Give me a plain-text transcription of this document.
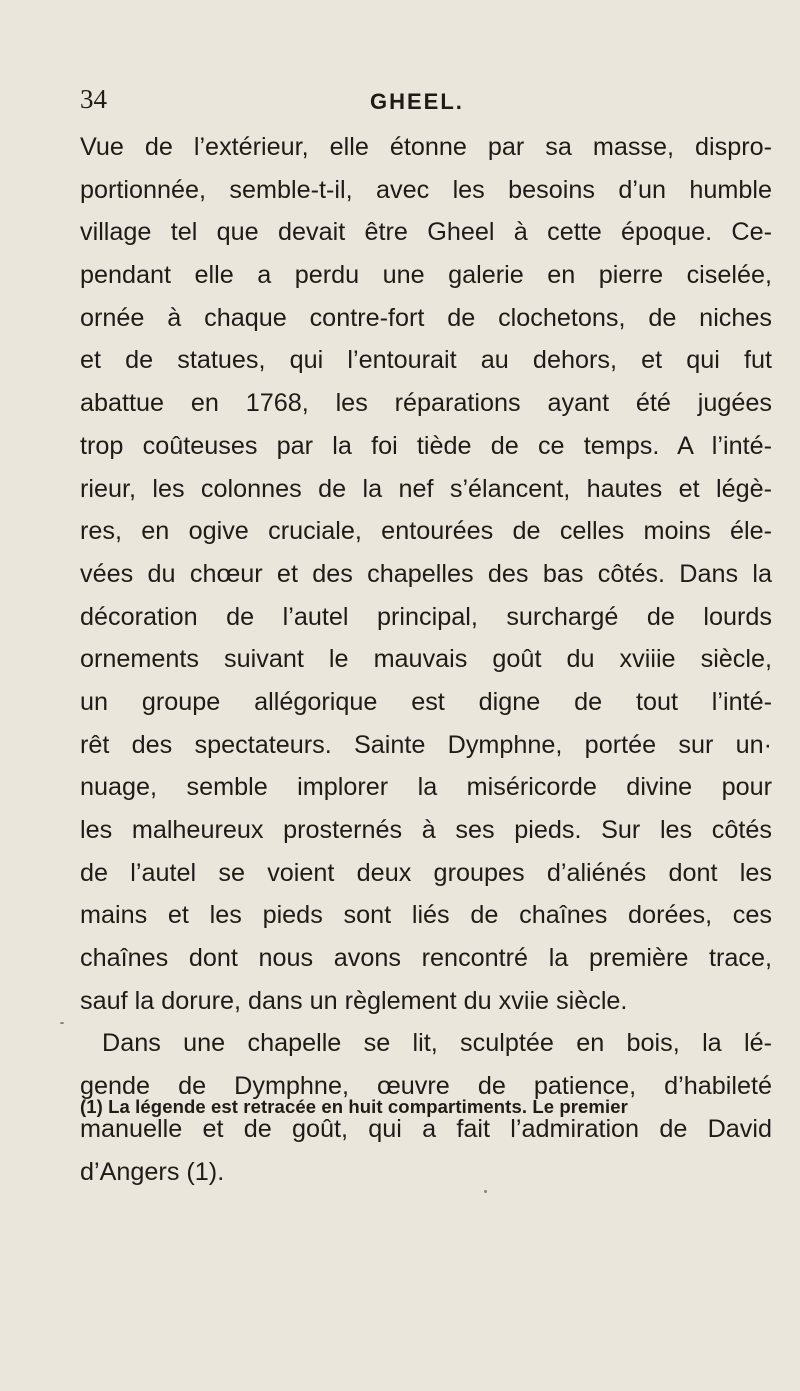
34	GHEEL.
Vue de l’extérieur, elle étonne par sa masse, dispro-
portionnée, semble-t-il, avec les besoins d’un humble
village tel que devait être Gheel à cette époque. Ce-
pendant elle a perdu une galerie en pierre ciselée,
ornée à chaque contre-fort de clochetons, de niches
et de statues, qui l’entourait au dehors, et qui fut
abattue en 1768, les réparations ayant été jugées
trop coûteuses par la foi tiède de ce temps. A l’inté-
rieur, les colonnes de la nef s’élancent, hautes et légè-
res, en ogive cruciale, entourées de celles moins éle-
vées du chœur et des chapelles des bas côtés. Dans la
décoration de l’autel principal, surchargé de lourds
ornements suivant le mauvais goût du xviiie siècle,
un groupe allégorique est digne de tout l’inté-
rêt des spectateurs. Sainte Dymphne, portée sur un·
nuage, semble implorer la miséricorde divine pour
les malheureux prosternés à ses pieds. Sur les côtés
de l’autel se voient deux groupes d’aliénés dont les
mains et les pieds sont liés de chaînes dorées, ces
chaînes dont nous avons rencontré la première trace,
sauf la dorure, dans un règlement du xviie siècle.
Dans une chapelle se lit, sculptée en bois, la lé-
gende de Dymphne, œuvre de patience, d’habileté
manuelle et de goût, qui a fait l’admiration de David
d’Angers (1).
(1) La légende est retracée en huit compartiments. Le premier
